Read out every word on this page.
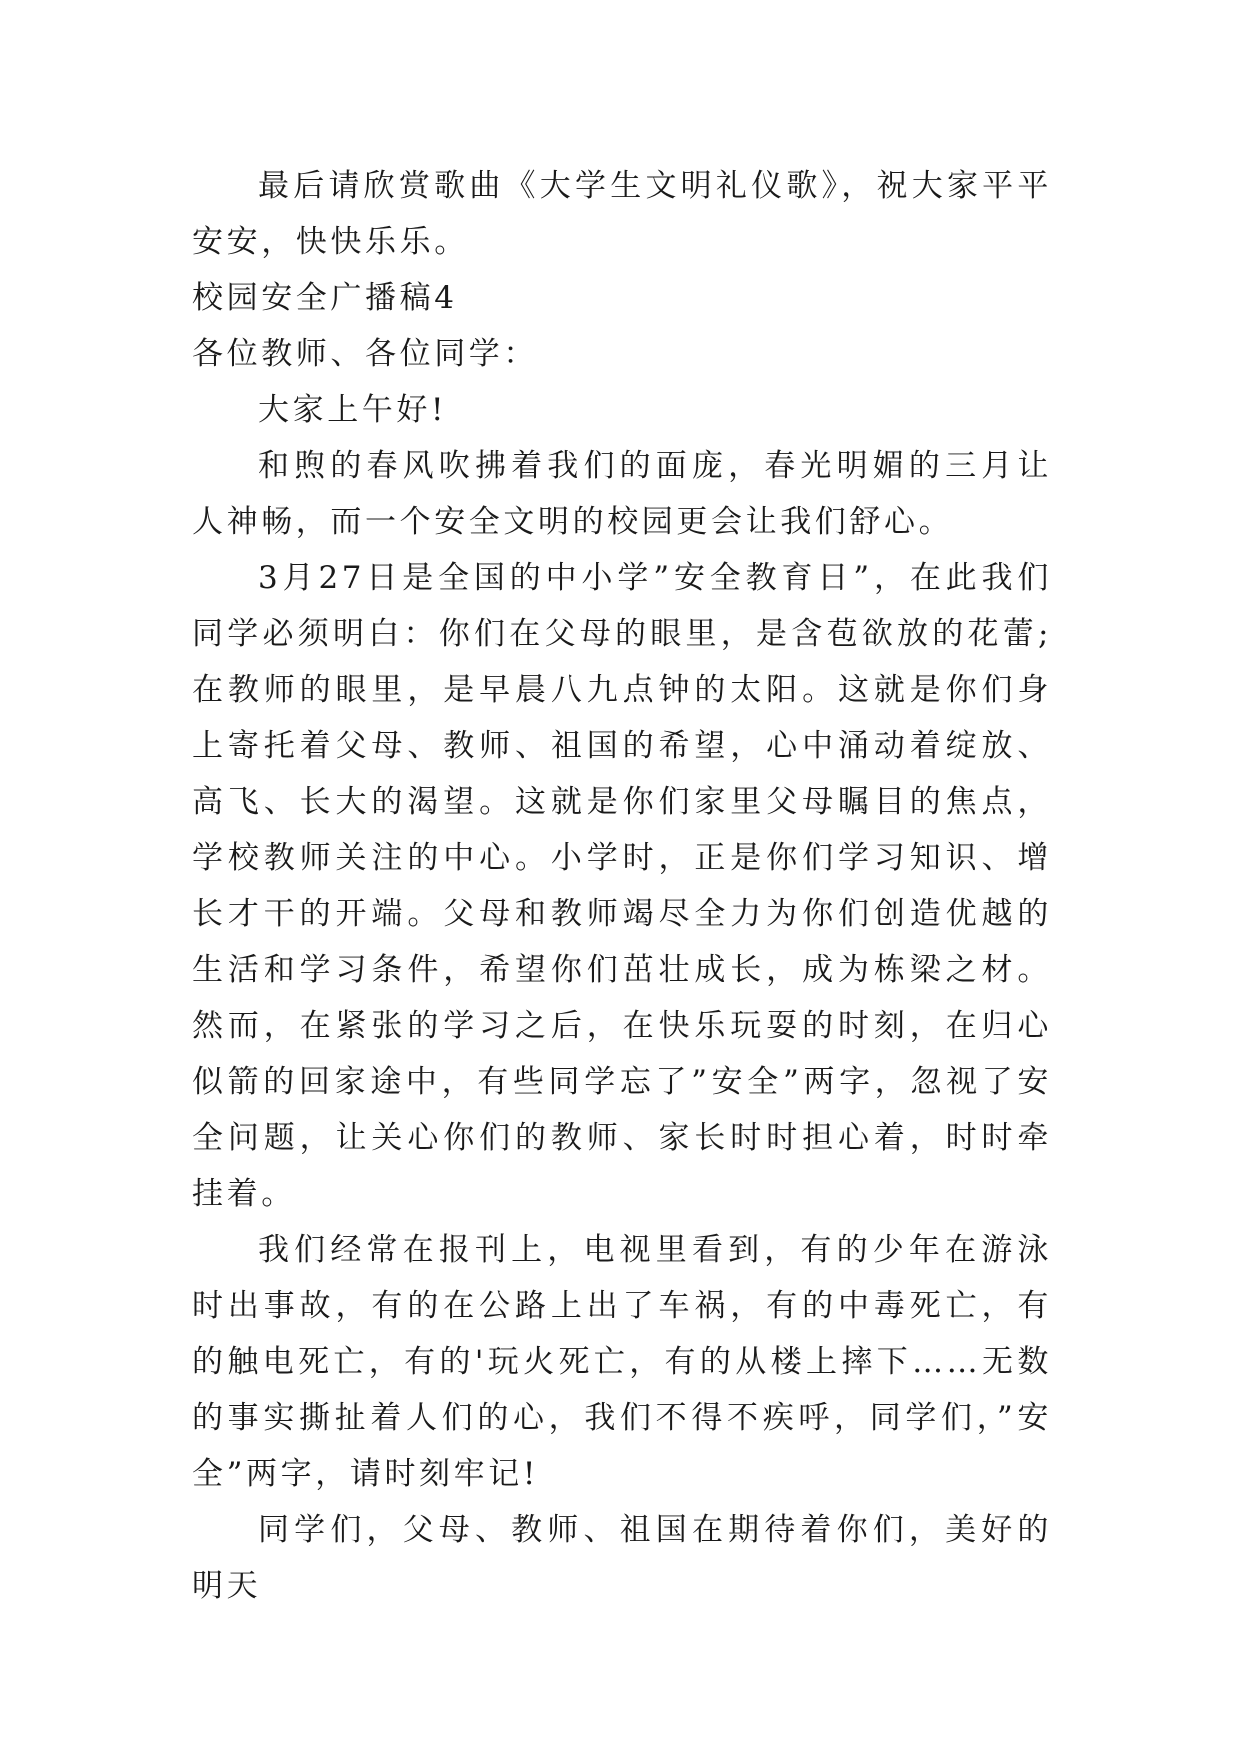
最后请欣赏歌曲《大学生文明礼仪歌》，祝大家平平安安，快快乐乐。

校园安全广播稿4

各位教师、各位同学：

大家上午好!

和煦的春风吹拂着我们的面庞，春光明媚的三月让人神畅，而一个安全文明的校园更会让我们舒心。

3月27日是全国的中小学”安全教育日”，在此我们同学必须明白：你们在父母的眼里，是含苞欲放的花蕾;在教师的眼里，是早晨八九点钟的太阳。这就是你们身上寄托着父母、教师、祖国的希望，心中涌动着绽放、高飞、长大的渴望。这就是你们家里父母瞩目的焦点，学校教师关注的中心。小学时，正是你们学习知识、增长才干的开端。父母和教师竭尽全力为你们创造优越的生活和学习条件，希望你们茁壮成长，成为栋梁之材。然而，在紧张的学习之后，在快乐玩耍的时刻，在归心似箭的回家途中，有些同学忘了”安全”两字，忽视了安全问题，让关心你们的教师、家长时时担心着，时时牵挂着。

我们经常在报刊上，电视里看到，有的少年在游泳时出事故，有的在公路上出了车祸，有的中毒死亡，有的触电死亡，有的'玩火死亡，有的从楼上摔下……无数的事实撕扯着人们的心，我们不得不疾呼，同学们，”安全”两字，请时刻牢记!

同学们，父母、教师、祖国在期待着你们，美好的明天
